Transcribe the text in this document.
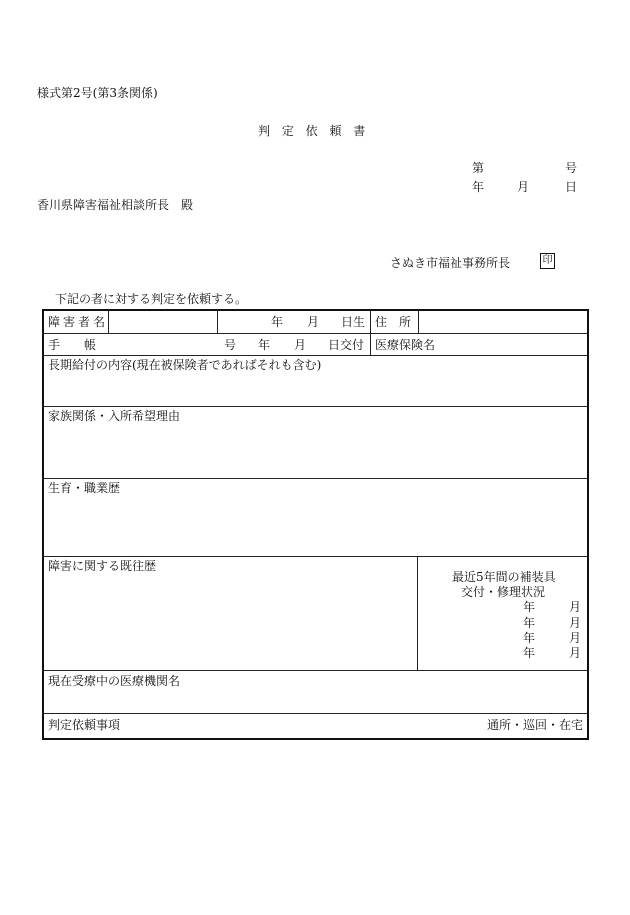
様式第2号(第3条関係)
判 定 依 頼 書
第	号
年	月	日
香川県障害福祉相談所長　殿
さぬき市福祉事務所長	印
下記の者に対する判定を依頼する。
障害者名	年 月 日生 住　所
手　　帳	号 年 月 日交付 医療保険名
長期給付の内容(現在被保険者であればそれも含む)
家族関係・入所希望理由
生育・職業歴
障害に関する既往歴
最近5年間の補装具
交付・修理状況
年	月
年	月
年	月
年	月
現在受療中の医療機関名
判定依頼事項	通所・巡回・在宅
